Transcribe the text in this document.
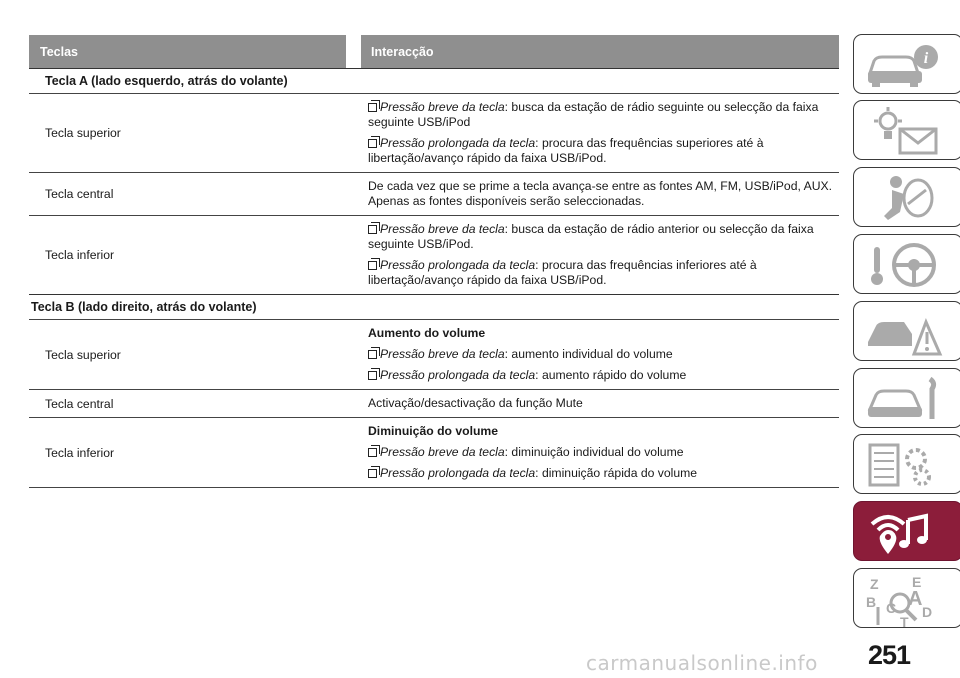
Teclas	Interacção
Tecla A (lado esquerdo, atrás do volante)
Tecla superior

Pressão breve da tecla: busca da estação de rádio seguinte ou selecção da faixa seguinte USB/iPod

Pressão prolongada da tecla: procura das frequências superiores até à libertação/avanço rápido da faixa USB/iPod.

Tecla central

De cada vez que se prime a tecla avança-se entre as fontes AM, FM, USB/iPod, AUX. Apenas as fontes disponíveis serão seleccionadas.

Tecla inferior

Pressão breve da tecla: busca da estação de rádio anterior ou selecção da faixa seguinte USB/iPod.

Pressão prolongada da tecla: procura das frequências inferiores até à libertação/avanço rápido da faixa USB/iPod.

Tecla B (lado direito, atrás do volante)
Tecla superior

Aumento do volume

Pressão breve da tecla: aumento individual do volume

Pressão prolongada da tecla: aumento rápido do volume

Tecla central	Activação/desactivação da função Mute

Tecla inferior

Diminuição do volume

Pressão breve da tecla: diminuição individual do volume

Pressão prolongada da tecla: diminuição rápida do volume

i
Z E
B A
C D
T
251
carmanualsonline.info
